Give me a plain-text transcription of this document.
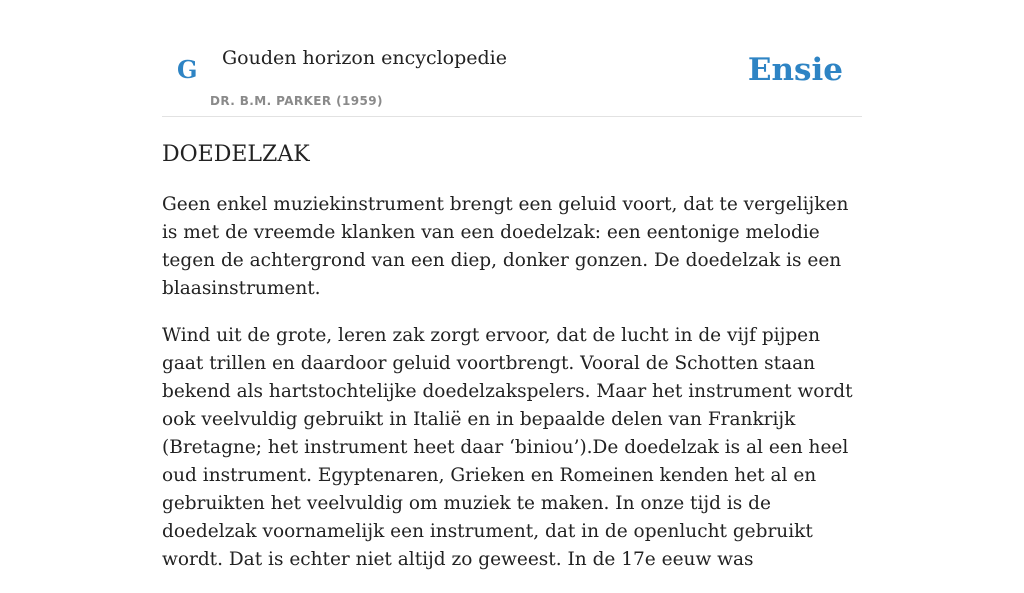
G Gouden horizon encyclopedie
DR. B.M. PARKER (1959)
Ensie
DOEDELZAK

Geen enkel muziekinstrument brengt een geluid voort, dat te vergelijken is met de vreemde klanken van een doedelzak: een eentonige melodie tegen de achtergrond van een diep, donker gonzen. De doedelzak is een blaasinstrument.

Wind uit de grote, leren zak zorgt ervoor, dat de lucht in de vijf pijpen gaat trillen en daardoor geluid voortbrengt. Vooral de Schotten staan bekend als hartstochtelijke doedelzakspelers. Maar het instrument wordt ook veelvuldig gebruikt in Italië en in bepaalde delen van Frankrijk (Bretagne; het instrument heet daar ‘biniou’).De doedelzak is al een heel oud instrument. Egyptenaren, Grieken en Romeinen kenden het al en gebruikten het veelvuldig om muziek te maken. In onze tijd is de doedelzak voornamelijk een instrument, dat in de openlucht gebruikt wordt. Dat is echter niet altijd zo geweest. In de 17e eeuw was
